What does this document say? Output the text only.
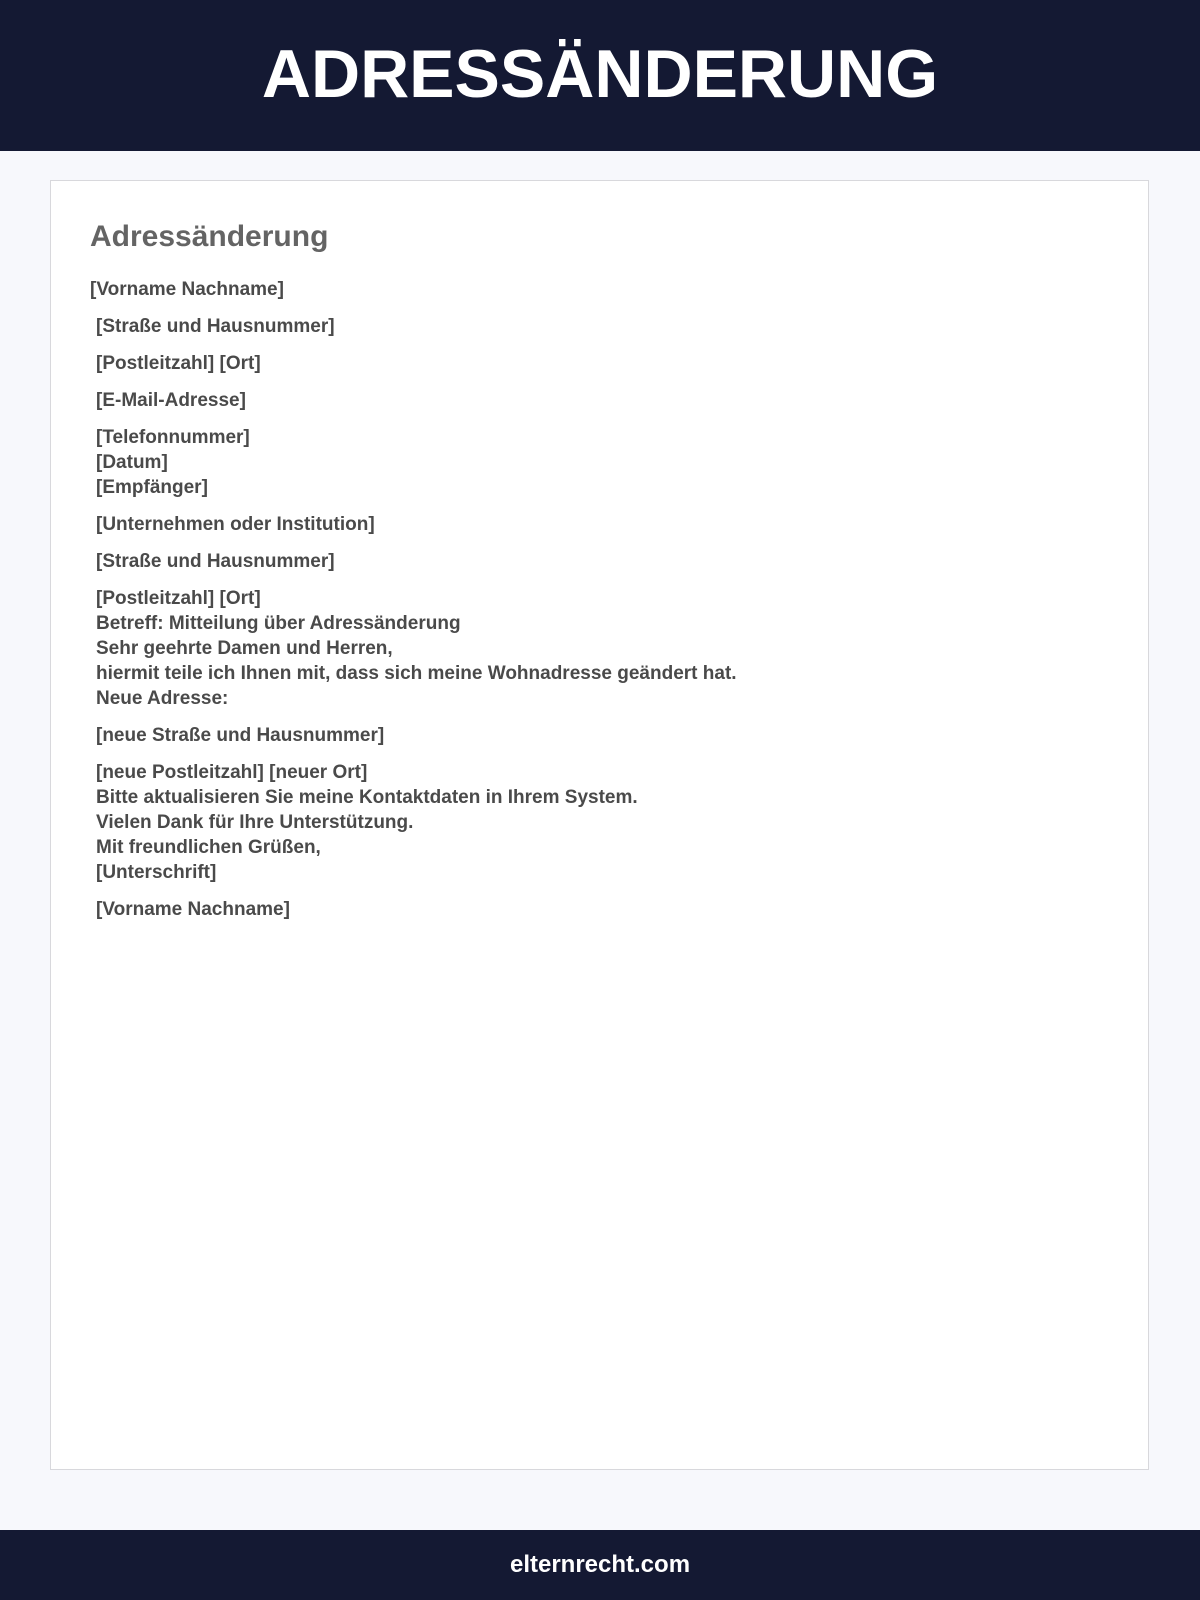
ADRESSÄNDERUNG
Adressänderung

[Vorname Nachname]

[Straße und Hausnummer]

[Postleitzahl] [Ort]

[E-Mail-Adresse]

[Telefonnummer]
[Datum]
[Empfänger]

[Unternehmen oder Institution]

[Straße und Hausnummer]

[Postleitzahl] [Ort]
Betreff: Mitteilung über Adressänderung
Sehr geehrte Damen und Herren,
hiermit teile ich Ihnen mit, dass sich meine Wohnadresse geändert hat.
Neue Adresse:

[neue Straße und Hausnummer]

[neue Postleitzahl] [neuer Ort]
Bitte aktualisieren Sie meine Kontaktdaten in Ihrem System.
Vielen Dank für Ihre Unterstützung.
Mit freundlichen Grüßen,
[Unterschrift]

[Vorname Nachname]

elternrecht.com
